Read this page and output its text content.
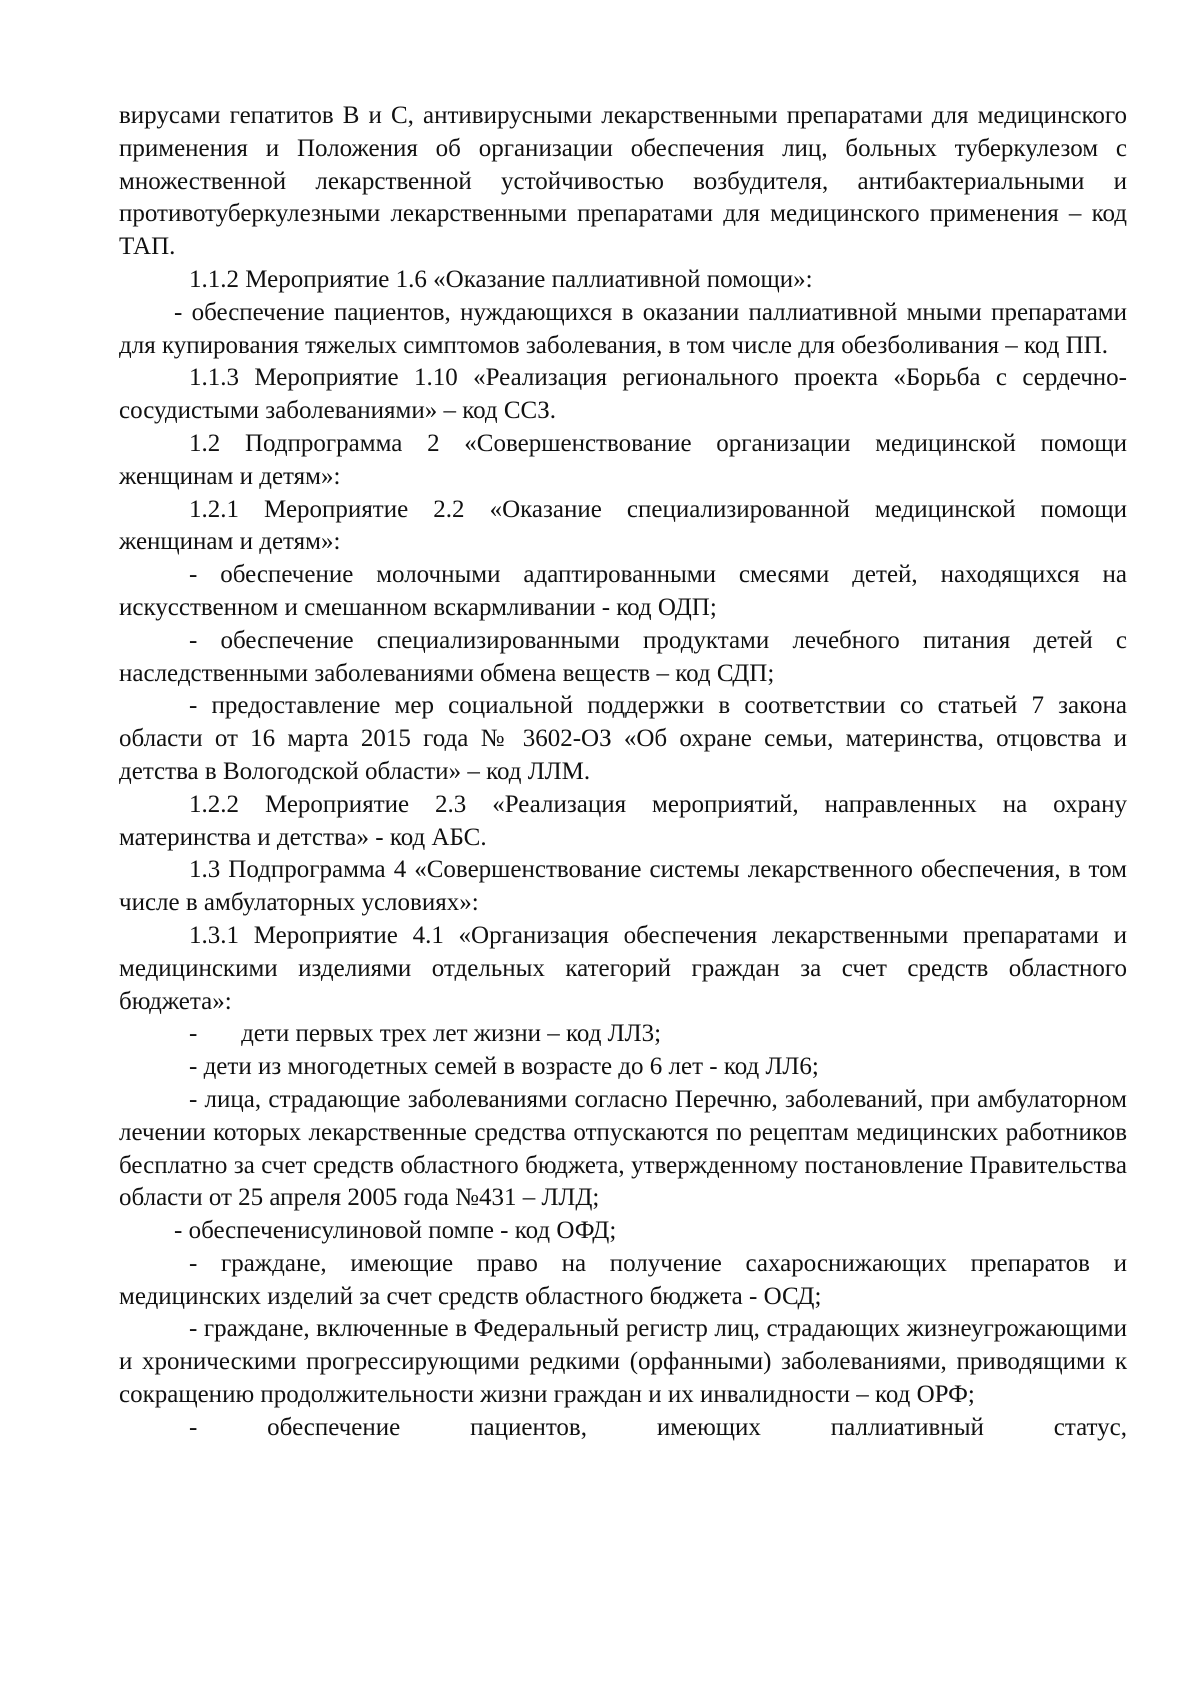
вирусами гепатитов В и С, антивирусными лекарственными препаратами для медицинского применения и Положения об организации обеспечения лиц, больных туберкулезом с множественной лекарственной устойчивостью возбудителя, антибактериальными и противотуберкулезными лекарственными препаратами для медицинского применения – код ТАП.

1.1.2 Мероприятие 1.6 «Оказание паллиативной помощи»:

- обеспечение пациентов, нуждающихся в оказании паллиативной мными препаратами для купирования тяжелых симптомов заболевания, в том числе для обезболивания – код ПП.

1.1.3 Мероприятие 1.10 «Реализация регионального проекта «Борьба с сердечно-сосудистыми заболеваниями» – код ССЗ.

1.2 Подпрограмма 2 «Совершенствование организации медицинской помощи женщинам и детям»:

1.2.1 Мероприятие 2.2 «Оказание специализированной медицинской помощи женщинам и детям»:

- обеспечение молочными адаптированными смесями детей, находящихся на искусственном и смешанном вскармливании - код ОДП;

- обеспечение специализированными продуктами лечебного питания детей с наследственными заболеваниями обмена веществ – код СДП;

- предоставление мер социальной поддержки в соответствии со статьей 7 закона области от 16 марта 2015 года № 3602-ОЗ «Об охране семьи, материнства, отцовства и детства в Вологодской области» – код ЛЛМ.

1.2.2 Мероприятие 2.3 «Реализация мероприятий, направленных на охрану материнства и детства» - код АБС.

1.3 Подпрограмма 4 «Совершенствование системы лекарственного обеспечения, в том числе в амбулаторных условиях»:

1.3.1 Мероприятие 4.1 «Организация обеспечения лекарственными препаратами и медицинскими изделиями отдельных категорий граждан за счет средств областного бюджета»:

-       дети первых трех лет жизни – код ЛЛ3;

- дети из многодетных семей в возрасте до 6 лет - код ЛЛ6;

- лица, страдающие заболеваниями согласно Перечню, заболеваний, при амбулаторном лечении которых лекарственные средства отпускаются по рецептам медицинских работников бесплатно за счет средств областного бюджета, утвержденному постановление Правительства области от 25 апреля 2005 года №431 – ЛЛД;

- обеспеченисулиновой помпе - код ОФД;

- граждане, имеющие право на получение сахароснижающих препаратов и медицинских изделий за счет средств областного бюджета - ОСД;

- граждане, включенные в Федеральный регистр лиц, страдающих жизнеугрожающими и хроническими прогрессирующими редкими (орфанными) заболеваниями, приводящими к сокращению продолжительности жизни граждан и их инвалидности – код ОРФ;

- обеспечение пациентов, имеющих паллиативный статус,
